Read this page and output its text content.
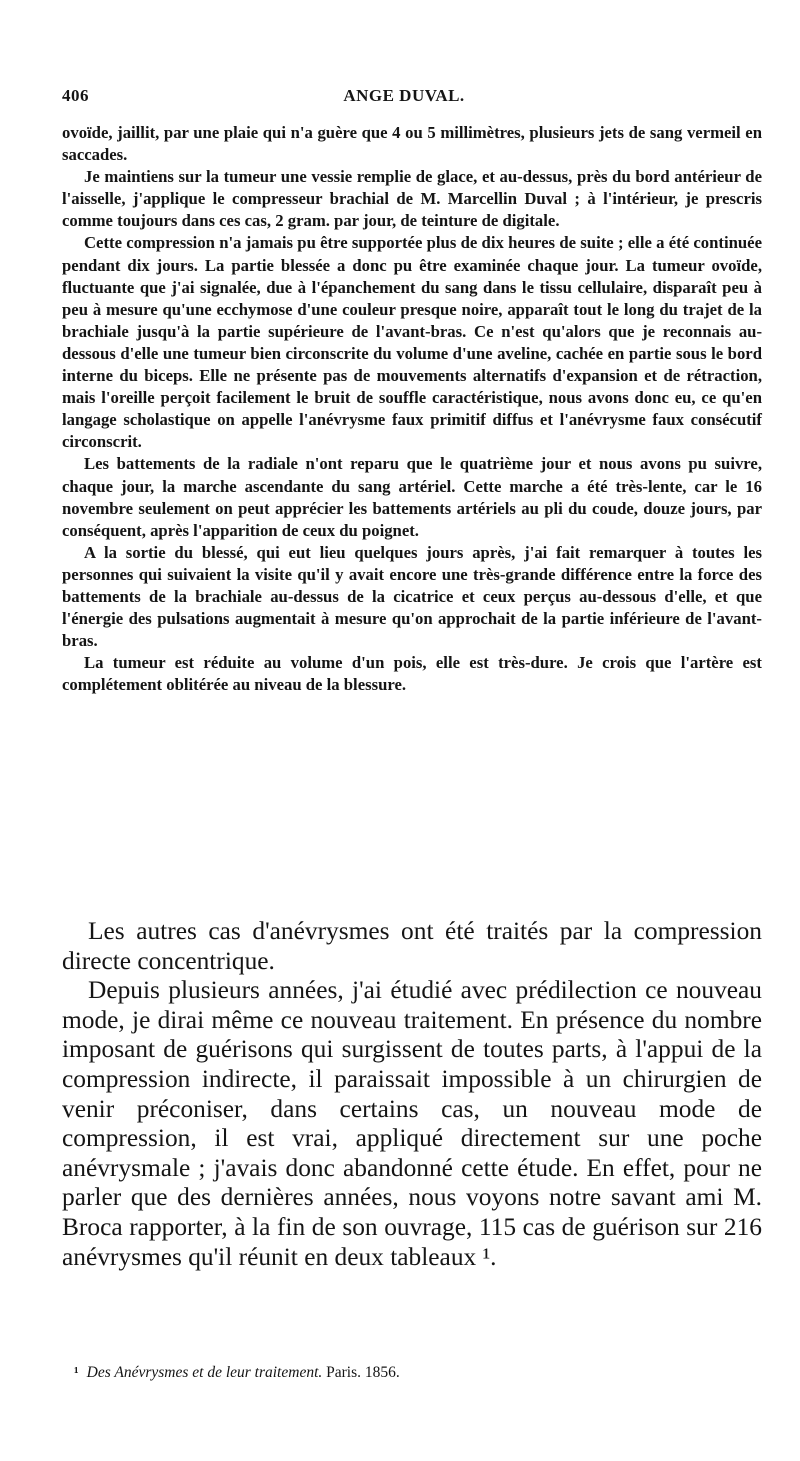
406	ANGE DUVAL.

ovoïde, jaillit, par une plaie qui n'a guère que 4 ou 5 millimètres, plusieurs jets de sang vermeil en saccades.

Je maintiens sur la tumeur une vessie remplie de glace, et au-dessus, près du bord antérieur de l'aisselle, j'applique le compresseur brachial de M. Marcellin Duval ; à l'intérieur, je prescris comme toujours dans ces cas, 2 gram. par jour, de teinture de digitale.

Cette compression n'a jamais pu être supportée plus de dix heures de suite ; elle a été continuée pendant dix jours. La partie blessée a donc pu être examinée chaque jour. La tumeur ovoïde, fluctuante que j'ai signalée, due à l'épanchement du sang dans le tissu cellulaire, disparaît peu à peu à mesure qu'une ecchymose d'une couleur presque noire, apparaît tout le long du trajet de la brachiale jusqu'à la partie supérieure de l'avant-bras. Ce n'est qu'alors que je reconnais au-dessous d'elle une tumeur bien circonscrite du volume d'une aveline, cachée en partie sous le bord interne du biceps. Elle ne présente pas de mouvements alternatifs d'expansion et de rétraction, mais l'oreille perçoit facilement le bruit de souffle caractéristique, nous avons donc eu, ce qu'en langage scholastique on appelle l'anévrysme faux primitif diffus et l'anévrysme faux consécutif circonscrit.

Les battements de la radiale n'ont reparu que le quatrième jour et nous avons pu suivre, chaque jour, la marche ascendante du sang artériel. Cette marche a été très-lente, car le 16 novembre seulement on peut apprécier les battements artériels au pli du coude, douze jours, par conséquent, après l'apparition de ceux du poignet.

A la sortie du blessé, qui eut lieu quelques jours après, j'ai fait remarquer à toutes les personnes qui suivaient la visite qu'il y avait encore une très-grande différence entre la force des battements de la brachiale au-dessus de la cicatrice et ceux perçus au-dessous d'elle, et que l'énergie des pulsations augmentait à mesure qu'on approchait de la partie inférieure de l'avant-bras.

La tumeur est réduite au volume d'un pois, elle est très-dure. Je crois que l'artère est complétement oblitérée au niveau de la blessure.

Les autres cas d'anévrysmes ont été traités par la compression directe concentrique.

Depuis plusieurs années, j'ai étudié avec prédilection ce nouveau mode, je dirai même ce nouveau traitement. En présence du nombre imposant de guérisons qui surgissent de toutes parts, à l'appui de la compression indirecte, il paraissait impossible à un chirurgien de venir préconiser, dans certains cas, un nouveau mode de compression, il est vrai, appliqué directement sur une poche anévrysmale ; j'avais donc abandonné cette étude. En effet, pour ne parler que des dernières années, nous voyons notre savant ami M. Broca rapporter, à la fin de son ouvrage, 115 cas de guérison sur 216 anévrysmes qu'il réunit en deux tableaux ¹.

¹ Des Anévrysmes et de leur traitement. Paris. 1856.
